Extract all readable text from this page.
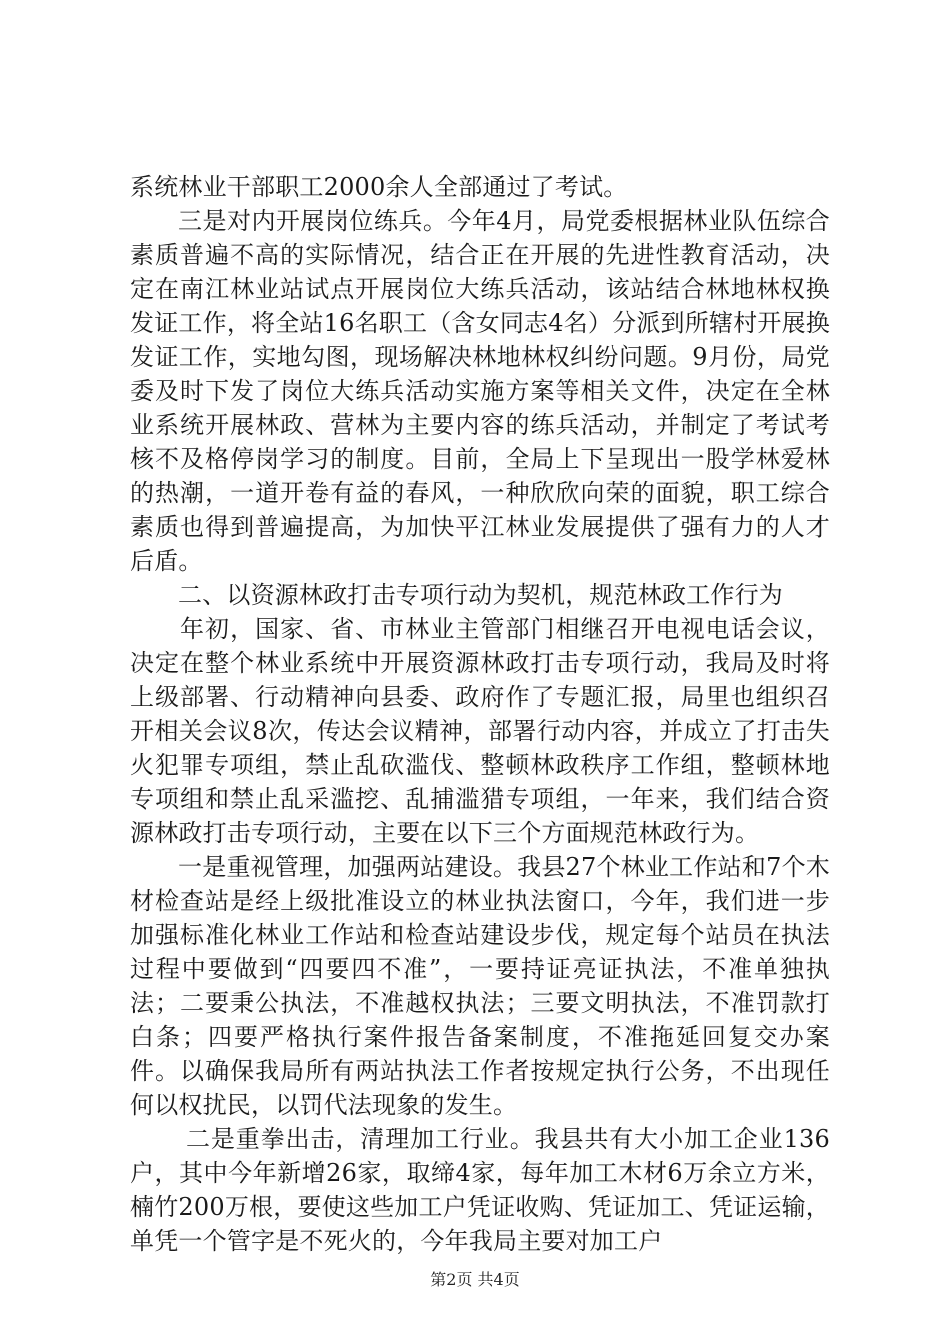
系统林业干部职工2000余人全部通过了考试。

三是对内开展岗位练兵。今年4月，局党委根据林业队伍综合素质普遍不高的实际情况，结合正在开展的先进性教育活动，决定在南江林业站试点开展岗位大练兵活动，该站结合林地林权换发证工作，将全站16名职工（含女同志4名）分派到所辖村开展换发证工作，实地勾图，现场解决林地林权纠纷问题。9月份，局党委及时下发了岗位大练兵活动实施方案等相关文件，决定在全林业系统开展林政、营林为主要内容的练兵活动，并制定了考试考核不及格停岗学习的制度。目前，全局上下呈现出一股学林爱林的热潮，一道开卷有益的春风，一种欣欣向荣的面貌，职工综合素质也得到普遍提高，为加快平江林业发展提供了强有力的人才后盾。

二、以资源林政打击专项行动为契机，规范林政工作行为

年初，国家、省、市林业主管部门相继召开电视电话会议，决定在整个林业系统中开展资源林政打击专项行动，我局及时将上级部署、行动精神向县委、政府作了专题汇报，局里也组织召开相关会议8次，传达会议精神，部署行动内容，并成立了打击失火犯罪专项组，禁止乱砍滥伐、整顿林政秩序工作组，整顿林地专项组和禁止乱采滥挖、乱捕滥猎专项组，一年来，我们结合资源林政打击专项行动，主要在以下三个方面规范林政行为。

一是重视管理，加强两站建设。我县27个林业工作站和7个木材检查站是经上级批准设立的林业执法窗口，今年，我们进一步加强标准化林业工作站和检查站建设步伐，规定每个站员在执法过程中要做到“四要四不准”，一要持证亮证执法，不准单独执法；二要秉公执法，不准越权执法；三要文明执法，不准罚款打白条；四要严格执行案件报告备案制度，不准拖延回复交办案件。以确保我局所有两站执法工作者按规定执行公务，不出现任何以权扰民，以罚代法现象的发生。

二是重拳出击，清理加工行业。我县共有大小加工企业136户，其中今年新增26家，取缔4家，每年加工木材6万余立方米，楠竹200万根，要使这些加工户凭证收购、凭证加工、凭证运输，单凭一个管字是不死火的，今年我局主要对加工户

第2页 共4页
